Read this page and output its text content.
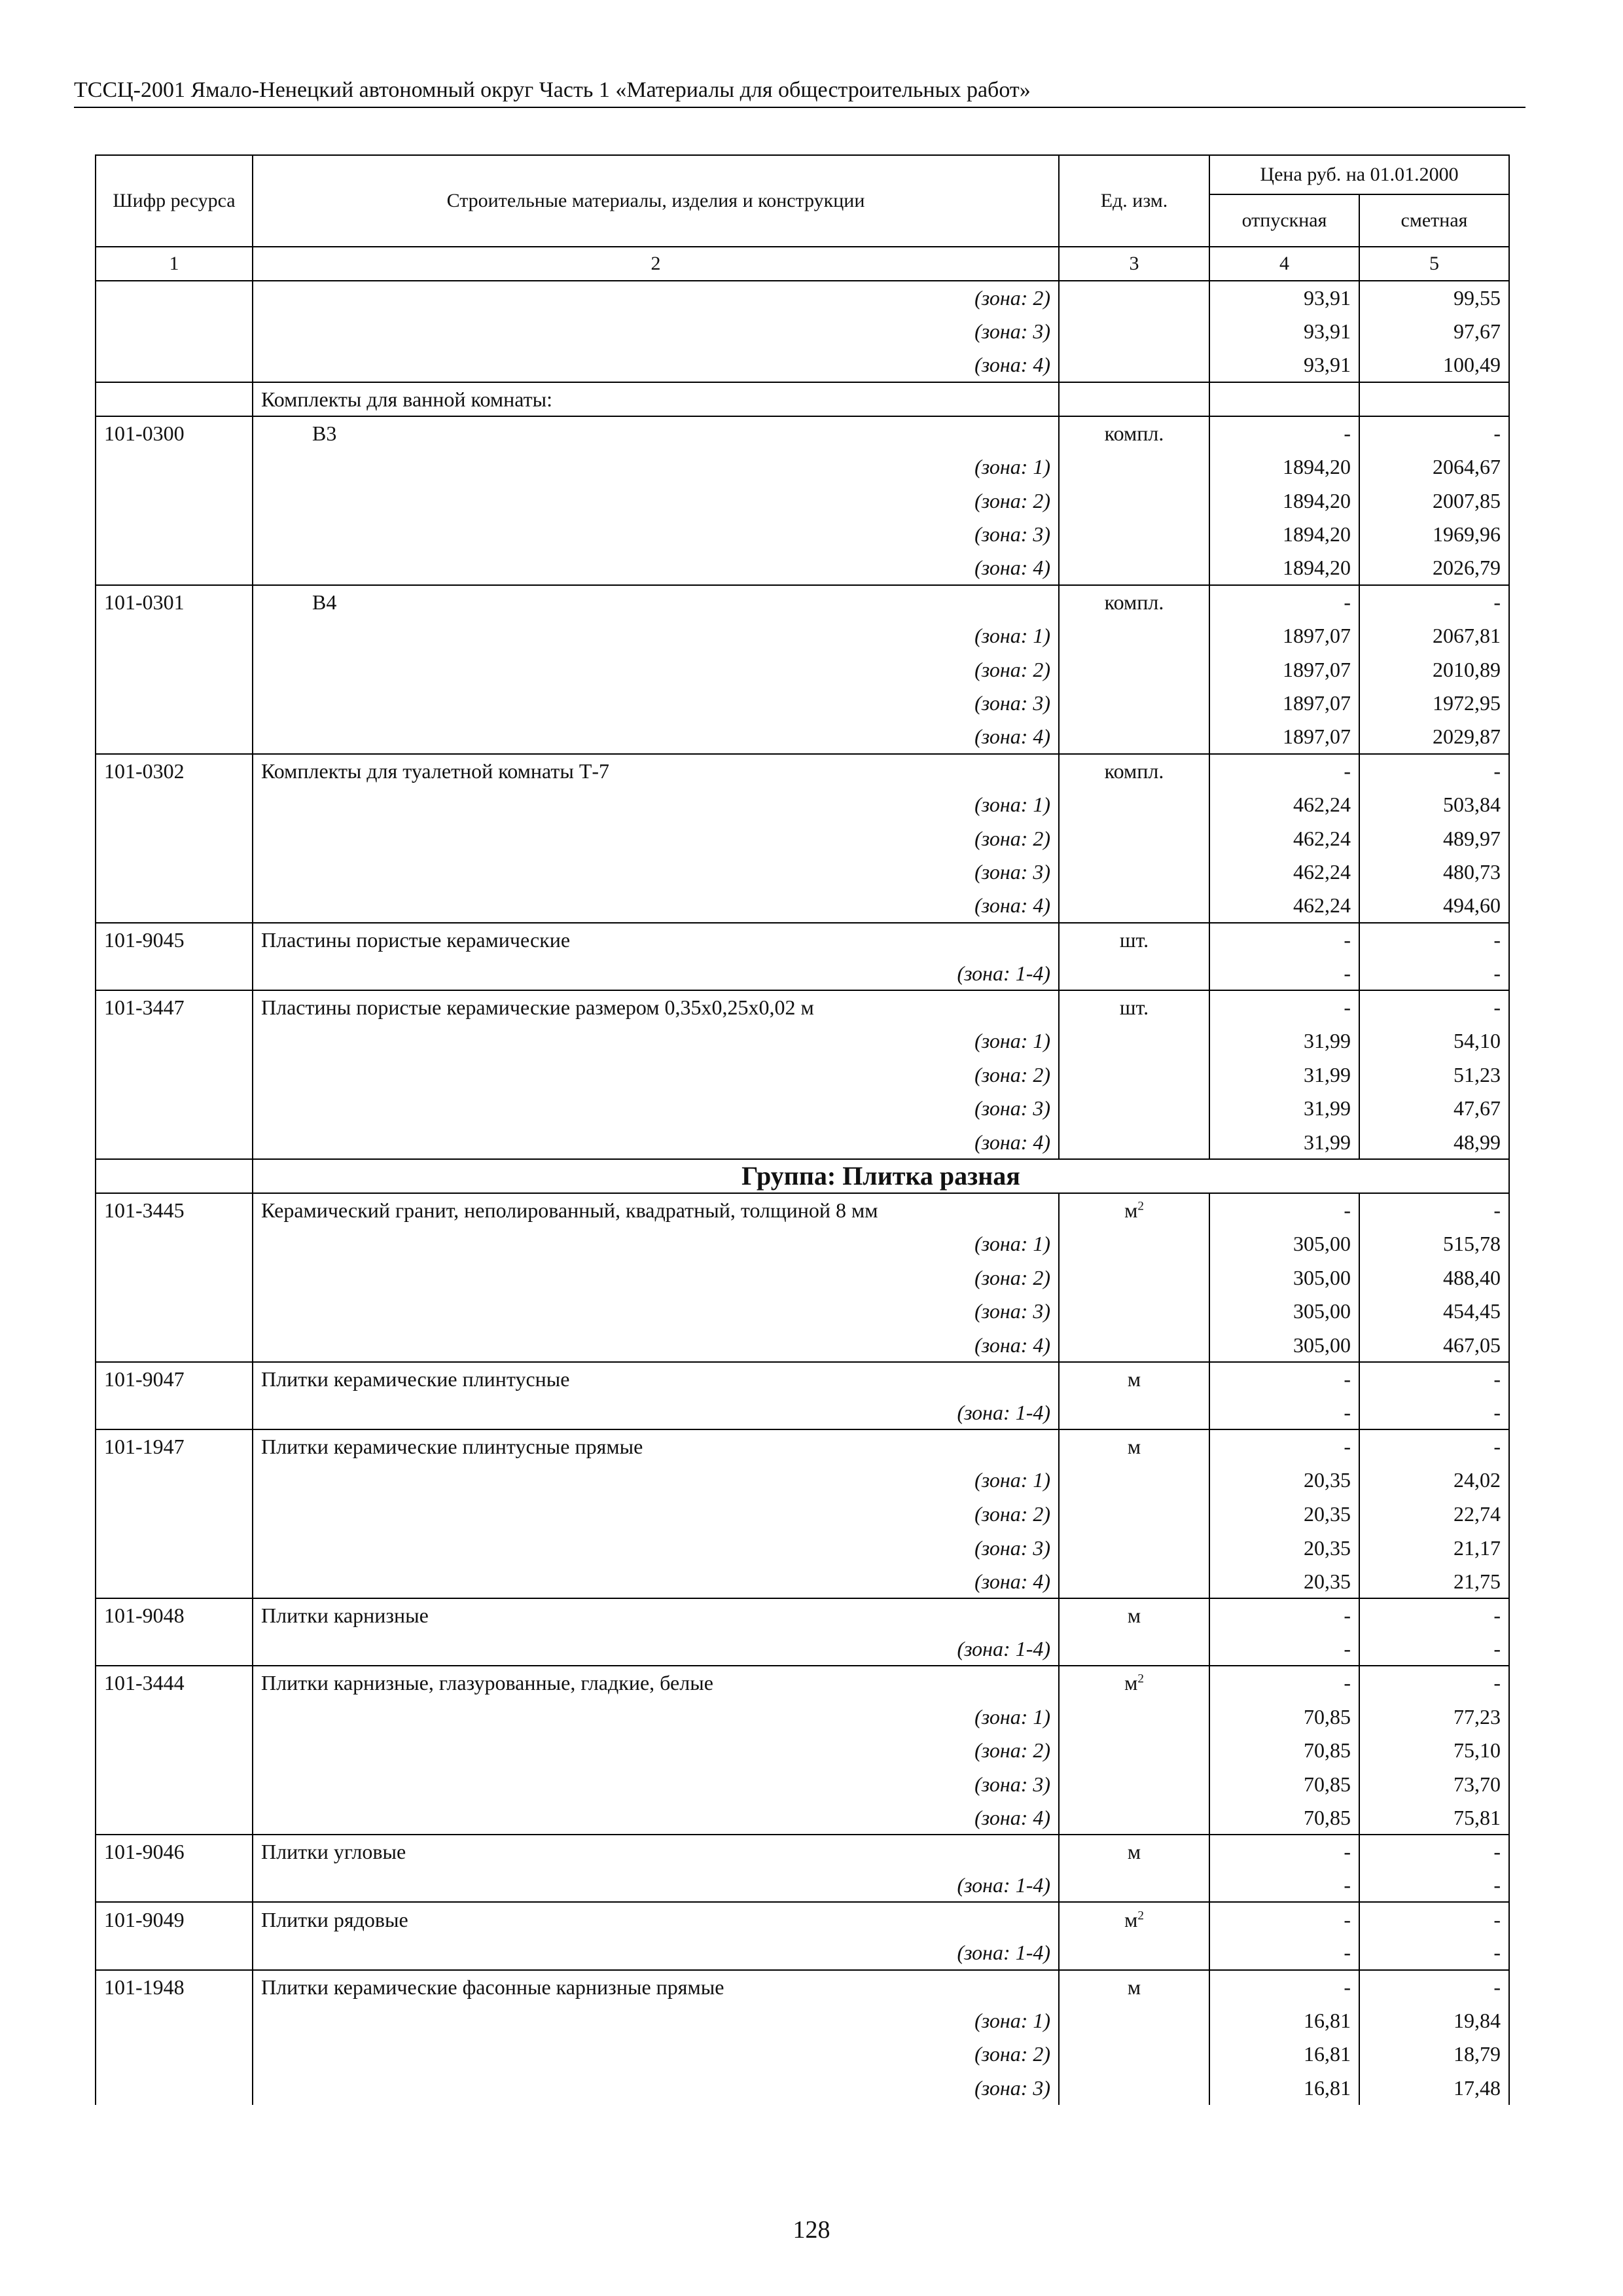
ТССЦ-2001 Ямало-Ненецкий автономный округ Часть 1 «Материалы для общестроительных работ»
Шифр ресурса	Строительные материалы, изделия и конструкции	Ед. изм.	Цена руб. на 01.01.2000	
			отпускная	сметная
1	2	3	4	5
	(зона: 2)		93,91	99,55
	(зона: 3)		93,91	97,67
	(зона: 4)		93,91	100,49
	Комплекты для ванной комнаты:			
101-0300	В3	компл.	-	-
	(зона: 1)		1894,20	2064,67
	(зона: 2)		1894,20	2007,85
	(зона: 3)		1894,20	1969,96
	(зона: 4)		1894,20	2026,79
101-0301	В4	компл.	-	-
	(зона: 1)		1897,07	2067,81
	(зона: 2)		1897,07	2010,89
	(зона: 3)		1897,07	1972,95
	(зона: 4)		1897,07	2029,87
101-0302	Комплекты для туалетной комнаты Т-7	компл.	-	-
	(зона: 1)		462,24	503,84
	(зона: 2)		462,24	489,97
	(зона: 3)		462,24	480,73
	(зона: 4)		462,24	494,60
101-9045	Пластины пористые керамические	шт.	-	-
	(зона: 1-4)		-	-
101-3447	Пластины пористые керамические размером 0,35х0,25х0,02 м	шт.	-	-
	(зона: 1)		31,99	54,10
	(зона: 2)		31,99	51,23
	(зона: 3)		31,99	47,67
	(зона: 4)		31,99	48,99
	Группа: Плитка разная			
101-3445	Керамический гранит, неполированный, квадратный, толщиной 8 мм	$м^2$	-	-
	(зона: 1)		305,00	515,78
	(зона: 2)		305,00	488,40
	(зона: 3)		305,00	454,45
	(зона: 4)		305,00	467,05
101-9047	Плитки керамические плинтусные	м	-	-
	(зона: 1-4)		-	-
101-1947	Плитки керамические плинтусные прямые	м	-	-
	(зона: 1)		20,35	24,02
	(зона: 2)		20,35	22,74
	(зона: 3)		20,35	21,17
	(зона: 4)		20,35	21,75
101-9048	Плитки карнизные	м	-	-
	(зона: 1-4)		-	-
101-3444	Плитки карнизные, глазурованные, гладкие, белые	$м^2$	-	-
	(зона: 1)		70,85	77,23
	(зона: 2)		70,85	75,10
	(зона: 3)		70,85	73,70
	(зона: 4)		70,85	75,81
101-9046	Плитки угловые	м	-	-
	(зона: 1-4)		-	-
101-9049	Плитки рядовые	$м^2$	-	-
	(зона: 1-4)		-	-
101-1948	Плитки керамические фасонные карнизные прямые	м	-	-
	(зона: 1)		16,81	19,84
	(зона: 2)		16,81	18,79
	(зона: 3)		16,81	17,48
128
